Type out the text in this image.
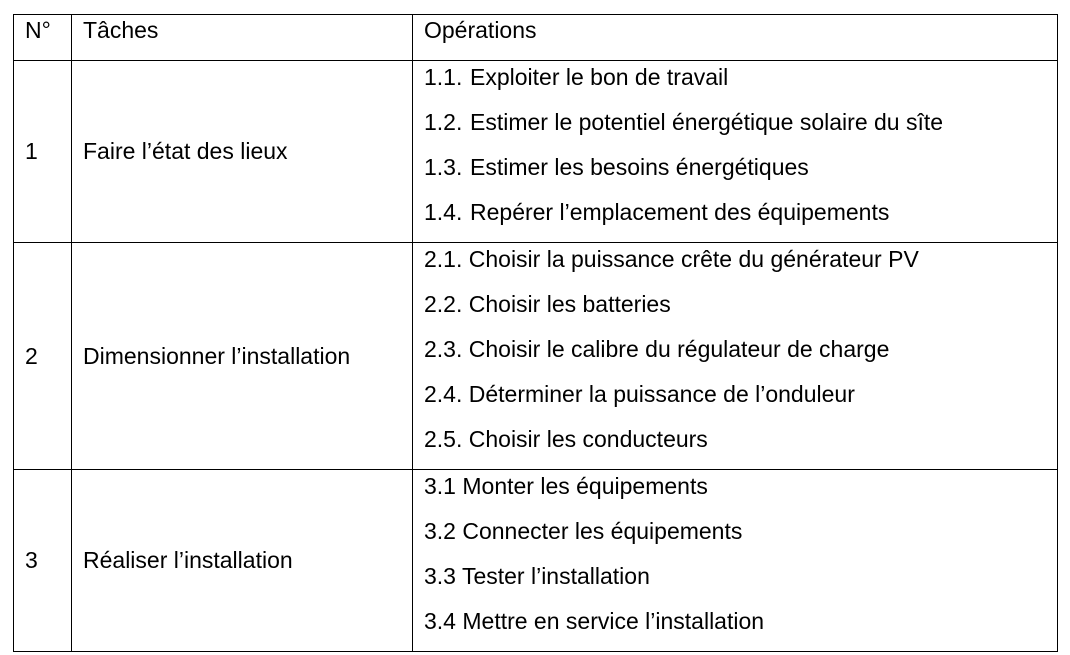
N°	Tâches	Opérations
1	Faire l’état des lieux	1.1. Exploiter le bon de travail
1.2. Estimer le potentiel énergétique solaire du sîte
1.3. Estimer les besoins énergétiques
1.4. Repérer l’emplacement des équipements

2	Dimensionner l’installation	2.1. Choisir la puissance crête du générateur PV
2.2. Choisir les batteries
2.3. Choisir le calibre du régulateur de charge
2.4. Déterminer la puissance de l’onduleur
2.5. Choisir les conducteurs

3	Réaliser l’installation	3.1 Monter les équipements
3.2 Connecter les équipements
3.3 Tester l’installation
3.4 Mettre en service l’installation
